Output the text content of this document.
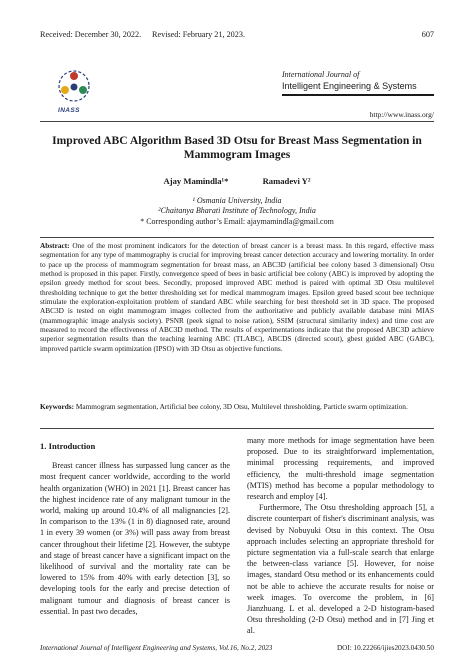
Received: December 30, 2022. Revised: February 21, 2023.	607
INASS
International Journal of
Intelligent Engineering & Systems
http://www.inass.org/
Improved ABC Algorithm Based 3D Otsu for Breast Mass Segmentation in Mammogram Images
Ajay Mamindla¹*	Ramadevi Y²
¹ Osmania University, India
²Chaitanya Bharati Institute of Technology, India
* Corresponding author’s Email: ajaymamindla@gmail.com
Abstract: One of the most prominent indicators for the detection of breast cancer is a breast mass. In this regard, effective mass segmentation for any type of mammography is crucial for improving breast cancer detection accuracy and lowering mortality. In order to pace up the process of mammogram segmentation for breast mass, an ABC3D (artificial bee colony based 3 dimensional) Otsu method is proposed in this paper. Firstly, convergence speed of bees in basic artificial bee colony (ABC) is improved by adopting the epsilon greedy method for scout bees. Secondly, proposed improved ABC method is paired with optimal 3D Otsu multilevel thresholding technique to get the better thresholding set for medical mammogram images. Epsilon greed based scout bee technique stimulate the exploration-exploitation problem of standard ABC while searching for best threshold set in 3D space. The proposed ABC3D is tested on eight mammogram images collected from the authoritative and publicly available database mini MIAS (mammographic image analysis society). PSNR (peek signal to noise ration), SSIM (structural similarity index) and time cost are measured to record the effectiveness of ABC3D method. The results of experimentations indicate that the proposed ABC3D achieve superior segmentation results than the teaching learning ABC (TLABC), ABCDS (directed scout), gbest guided ABC (GABC), improved particle swarm optimization (IPSO) with 3D Otsu as objective functions.
Keywords: Mammogram segmentation, Artificial bee colony, 3D Otsu, Multilevel thresholding, Particle swarm optimization.
1. Introduction
Breast cancer illness has surpassed lung cancer as the most frequent cancer worldwide, according to the world health organization (WHO) in 2021 [1]. Breast cancer has the highest incidence rate of any malignant tumour in the world, making up around 10.4% of all malignancies [2]. In comparison to the 13% (1 in 8) diagnosed rate, around 1 in every 39 women (or 3%) will pass away from breast cancer throughout their lifetime [2]. However, the subtype and stage of breast cancer have a significant impact on the likelihood of survival and the mortality rate can be lowered to 15% from 40% with early detection [3], so developing tools for the early and precise detection of malignant tumour and diagnosis of breast cancer is essential. In past two decades,
many more methods for image segmentation have been proposed. Due to its straightforward implementation, minimal processing requirements, and improved efficiency, the multi-threshold image segmentation (MTIS) method has become a popular methodology to research and employ [4].
Furthermore, The Otsu thresholding approach [5], a discrete counterpart of fisher's discriminant analysis, was devised by Nobuyuki Otsu in this context. The Otsu approach includes selecting an appropriate threshold for picture segmentation via a full-scale search that enlarge the between-class variance [5]. However, for noise images, standard Otsu method or its enhancements could not be able to achieve the accurate results for noise or week images. To overcome the problem, in [6] Jianzhuang. L et al. developed a 2-D histogram-based Otsu thresholding (2-D Otsu) method and in [7] Jing et al.
International Journal of Intelligent Engineering and Systems, Vol.16, No.2, 2023	DOI: 10.22266/ijies2023.0430.50
